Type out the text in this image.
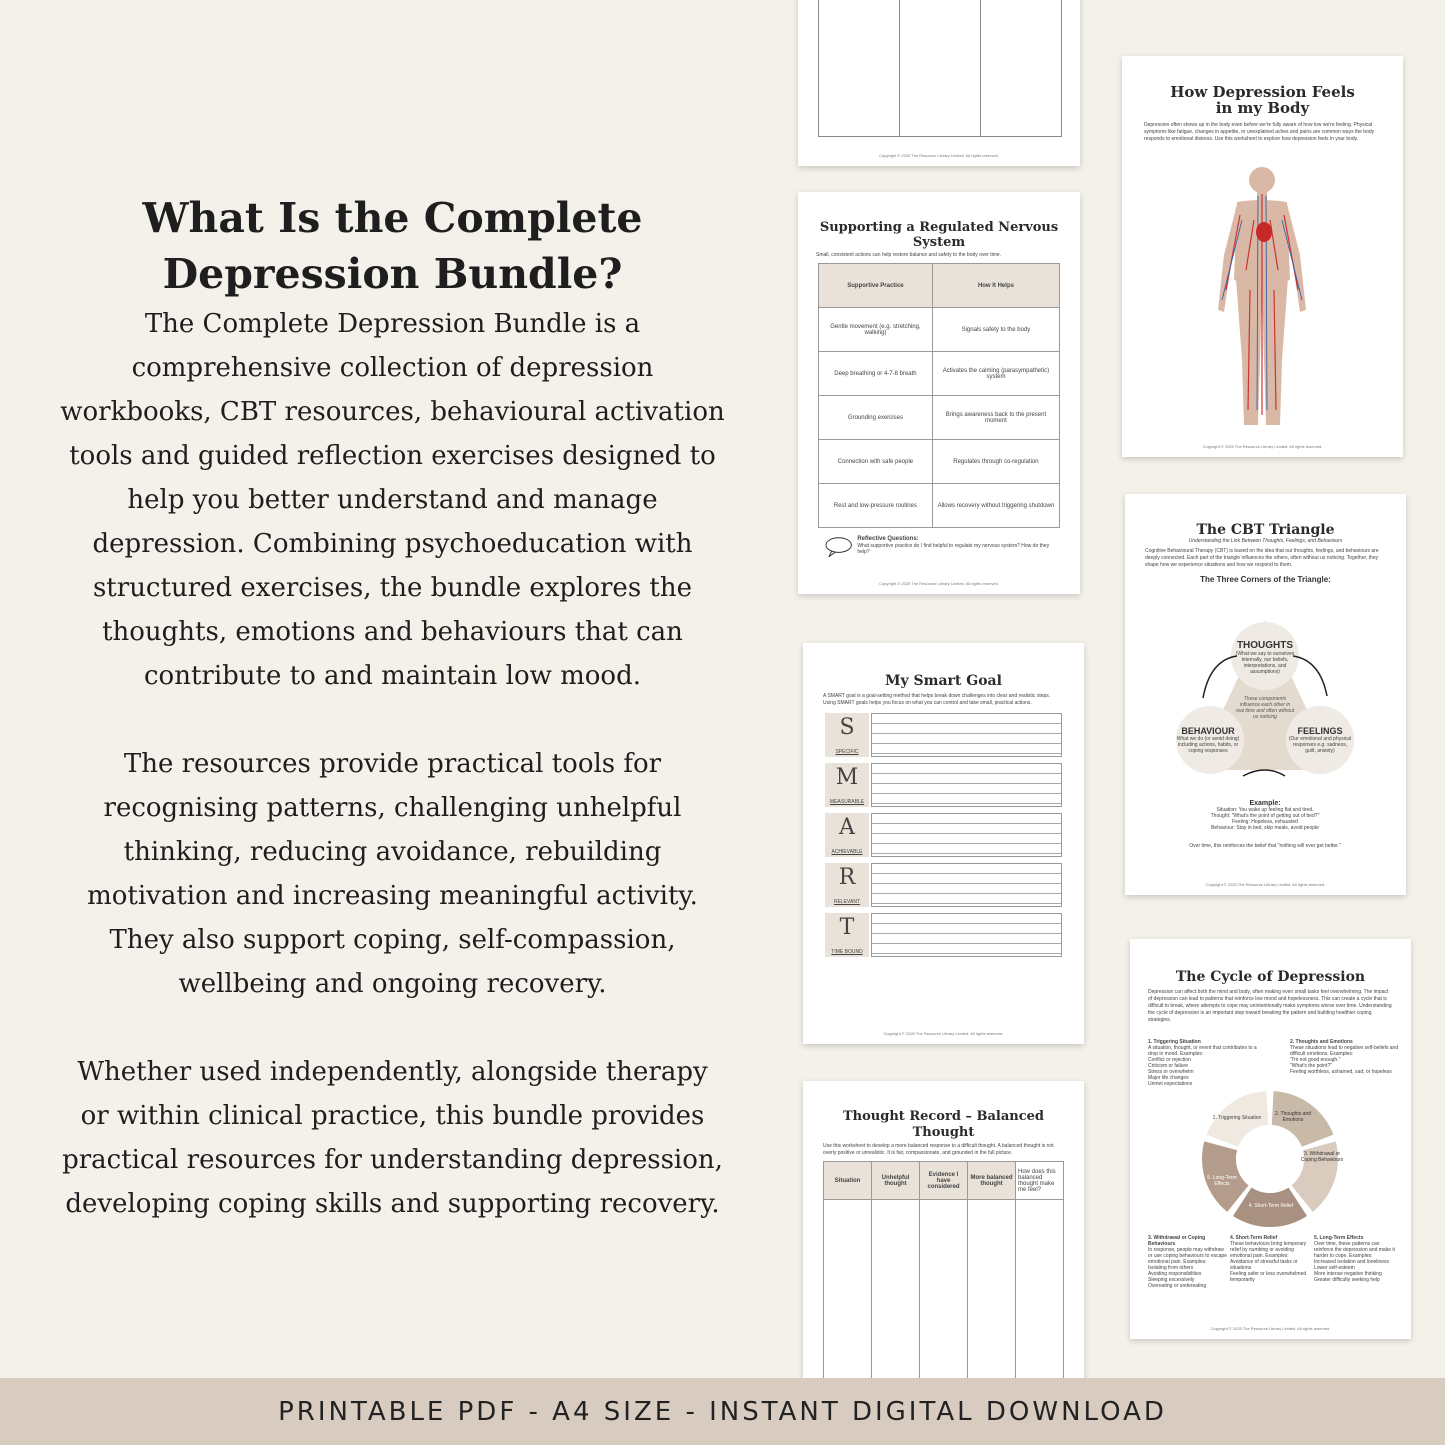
What Is the Complete Depression Bundle?

The Complete Depression Bundle is a comprehensive collection of depression workbooks, CBT resources, behavioural activation tools and guided reflection exercises designed to help you better understand and manage depression. Combining psychoeducation with structured exercises, the bundle explores the thoughts, emotions and behaviours that can contribute to and maintain low mood.

The resources provide practical tools for recognising patterns, challenging unhelpful thinking, reducing avoidance, rebuilding motivation and increasing meaningful activity. They also support coping, self-compassion, wellbeing and ongoing recovery.

Whether used independently, alongside therapy or within clinical practice, this bundle provides practical resources for understanding depression, developing coping skills and supporting recovery.

Copyright © 2025 The Resource Library Limited. All rights reserved.
Supporting a Regulated Nervous System
Small, consistent actions can help restore balance and safety to the body over time.
Supportive Practice	How It Helps
Gentle movement (e.g. stretching, walking)	Signals safety to the body
Deep breathing or 4-7-8 breath	Activates the calming (parasympathetic) system
Grounding exercises	Brings awareness back to the present moment
Connection with safe people	Regulates through co-regulation
Rest and low-pressure routines	Allows recovery without triggering shutdown
Reflective Questions:
What supportive practice do I find helpful to regulate my nervous system? How do they help?
Copyright © 2025 The Resource Library Limited. All rights reserved.
How Depression Feels in my Body
Depression often shows up in the body even before we're fully aware of how low we're feeling. Physical symptoms like fatigue, changes in appetite, or unexplained aches and pains are common ways the body responds to emotional distress. Use this worksheet to explore how depression feels in your body.
Copyright © 2025 The Resource Library Limited. All rights reserved.
The CBT Triangle
Understanding the Link Between Thoughts, Feelings, and Behaviours
Cognitive Behavioural Therapy (CBT) is based on the idea that our thoughts, feelings, and behaviours are deeply connected. Each part of the triangle influences the others, often without us noticing. Together, they shape how we experience situations and how we respond to them.
The Three Corners of the Triangle:
THOUGHTS
(What we say to ourselves internally, our beliefs, interpretations, and assumptions)
These components influence each other in real time and often without us noticing
BEHAVIOUR
What we do (or avoid doing) including actions, habits, or coping responses
FEELINGS
(Our emotional and physical responses e.g. sadness, guilt, anxiety)
Example:
Situation: You wake up feeling flat and tired.
Thought: "What's the point of getting out of bed?"
Feeling: Hopeless, exhausted
Behaviour: Stay in bed, skip meals, avoid people
Over time, this reinforces the belief that "nothing will ever get better."
Copyright © 2025 The Resource Library Limited. All rights reserved.
My Smart Goal
A SMART goal is a goal-setting method that helps break down challenges into clear and realistic steps. Using SMART goals helps you focus on what you can control and take small, practical actions.
S
SPECIFIC
M
MEASURABLE
A
ACHIEVABLE
R
RELEVANT
T
TIME BOUND
Copyright © 2025 The Resource Library Limited. All rights reserved.
Thought Record – Balanced Thought
Use this worksheet to develop a more balanced response to a difficult thought. A balanced thought is not overly positive or unrealistic. It is fair, compassionate, and grounded in the full picture.
Situation	Unhelpful thought	Evidence I have considered	More balanced thought	How does this balanced thought make me feel?

The Cycle of Depression
Depression can affect both the mind and body, often making even small tasks feel overwhelming. The impact of depression can lead to patterns that reinforce low mood and hopelessness. This can create a cycle that is difficult to break, where attempts to cope may unintentionally make symptoms worse over time. Understanding the cycle of depression is an important step toward breaking the pattern and building healthier coping strategies.
1. Triggering Situation
A situation, thought, or event that contributes to a drop in mood. Examples:
Conflict or rejection
Criticism or failure
Stress or overwhelm
Major life changes
Unmet expectations
2. Thoughts and Emotions
These situations lead to negative self-beliefs and difficult emotions. Examples:
"I'm not good enough."
"What's the point?"
Feeling worthless, ashamed, sad, or hopeless
1. Triggering Situation
2. Thoughts and Emotions
3. Withdrawal or Coping Behaviours
4. Short-Term Relief
5. Long-Term Effects
3. Withdrawal or Coping Behaviours
In response, people may withdraw or use coping behaviours to escape emotional pain. Examples:
Isolating from others
Avoiding responsibilities
Sleeping excessively
Overeating or undereating
4. Short-Term Relief
These behaviours bring temporary relief by numbing or avoiding emotional pain. Examples:
Avoidance of stressful tasks or situations
Feeling safer or less overwhelmed temporarily
5. Long-Term Effects
Over time, these patterns can reinforce the depression and make it harder to cope. Examples:
Increased isolation and loneliness
Lower self-esteem
More intense negative thinking
Greater difficulty seeking help
Copyright © 2025 The Resource Library Limited. All rights reserved.
PRINTABLE PDF - A4 SIZE - INSTANT DIGITAL DOWNLOAD
